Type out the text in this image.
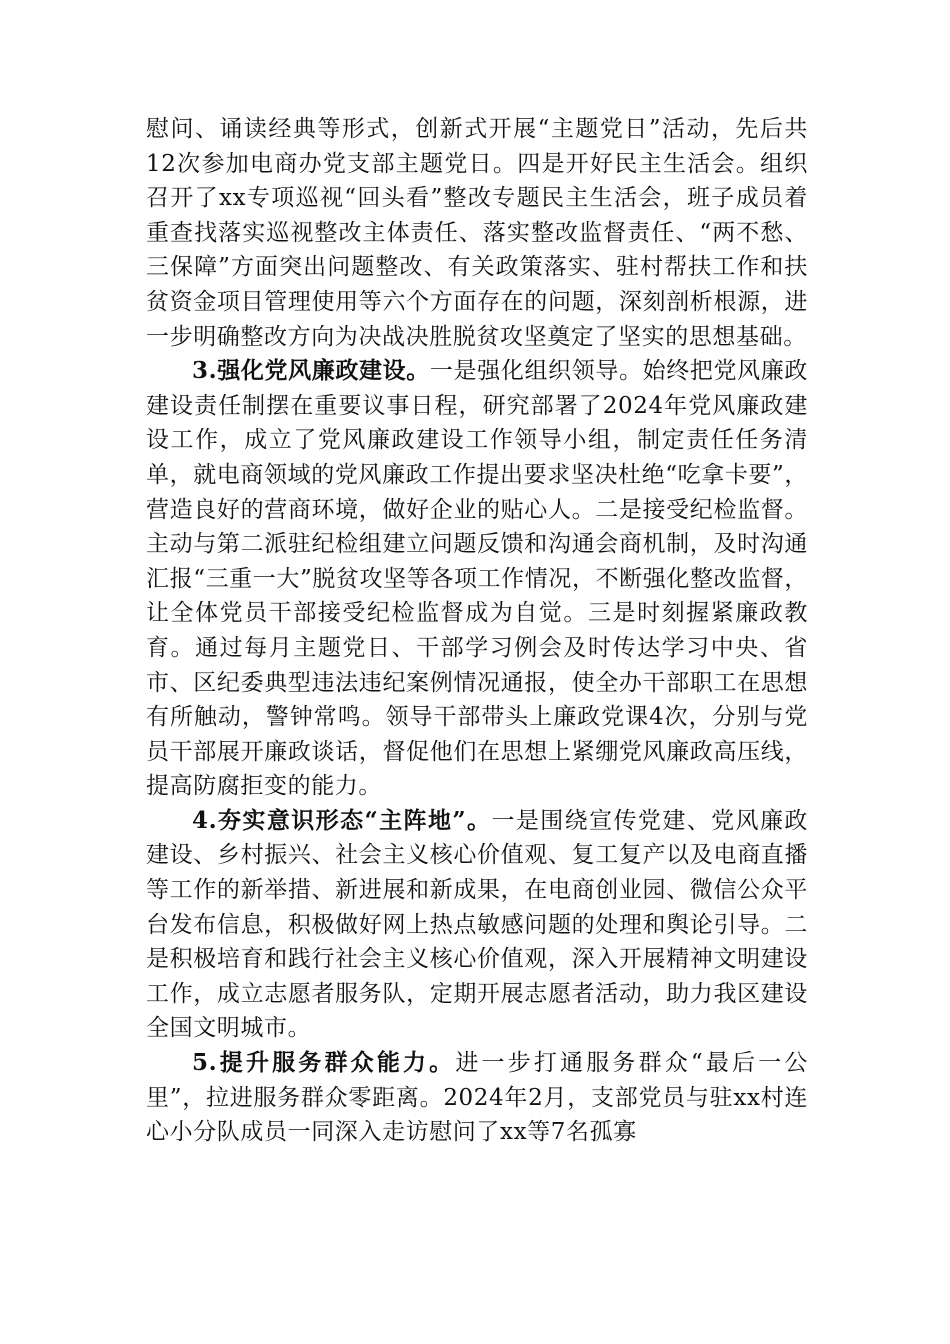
慰问、诵读经典等形式，创新式开展“主题党日”活动，先后共12次参加电商办党支部主题党日。四是开好民主生活会。组织召开了xx专项巡视“回头看”整改专题民主生活会，班子成员着重查找落实巡视整改主体责任、落实整改监督责任、“两不愁、三保障”方面突出问题整改、有关政策落实、驻村帮扶工作和扶贫资金项目管理使用等六个方面存在的问题，深刻剖析根源，进一步明确整改方向为决战决胜脱贫攻坚奠定了坚实的思想基础。

3.强化党风廉政建设。一是强化组织领导。始终把党风廉政建设责任制摆在重要议事日程，研究部署了2024年党风廉政建设工作，成立了党风廉政建设工作领导小组，制定责任任务清单，就电商领域的党风廉政工作提出要求坚决杜绝“吃拿卡要”，营造良好的营商环境，做好企业的贴心人。二是接受纪检监督。主动与第二派驻纪检组建立问题反馈和沟通会商机制，及时沟通汇报“三重一大”脱贫攻坚等各项工作情况，不断强化整改监督，让全体党员干部接受纪检监督成为自觉。三是时刻握紧廉政教育。通过每月主题党日、干部学习例会及时传达学习中央、省市、区纪委典型违法违纪案例情况通报，使全办干部职工在思想有所触动，警钟常鸣。领导干部带头上廉政党课4次，分别与党员干部展开廉政谈话，督促他们在思想上紧绷党风廉政高压线，提高防腐拒变的能力。

4.夯实意识形态“主阵地”。一是围绕宣传党建、党风廉政建设、乡村振兴、社会主义核心价值观、复工复产以及电商直播等工作的新举措、新进展和新成果，在电商创业园、微信公众平台发布信息，积极做好网上热点敏感问题的处理和舆论引导。二是积极培育和践行社会主义核心价值观，深入开展精神文明建设工作，成立志愿者服务队，定期开展志愿者活动，助力我区建设全国文明城市。

5.提升服务群众能力。进一步打通服务群众“最后一公里”，拉进服务群众零距离。2024年2月，支部党员与驻xx村连心小分队成员一同深入走访慰问了xx等7名孤寡
